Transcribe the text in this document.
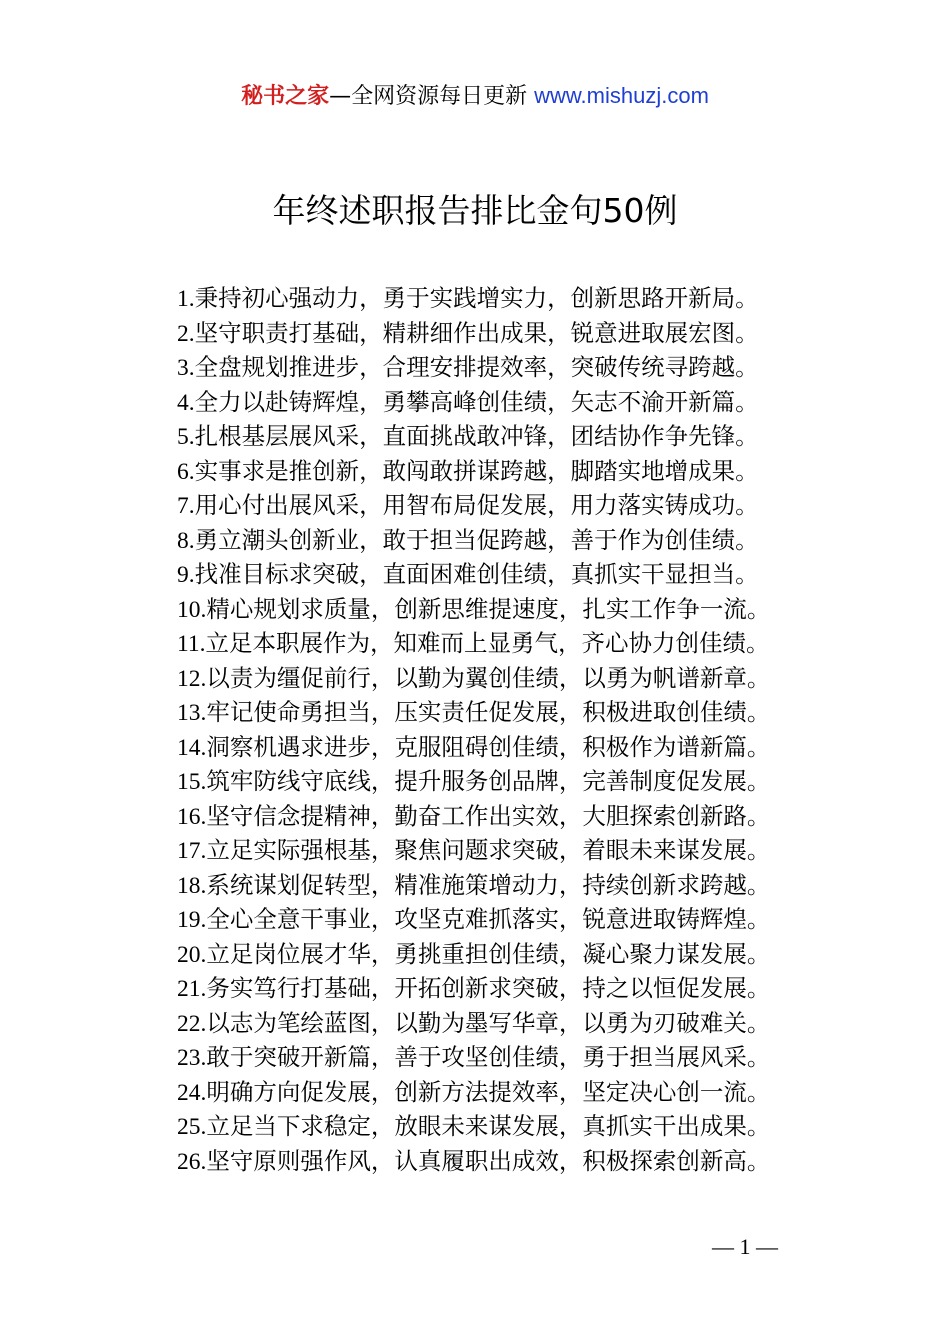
秘书之家—全网资源每日更新 www.mishuzj.com
年终述职报告排比金句50例
1.秉持初心强动力，勇于实践增实力，创新思路开新局。
2.坚守职责打基础，精耕细作出成果，锐意进取展宏图。
3.全盘规划推进步，合理安排提效率，突破传统寻跨越。
4.全力以赴铸辉煌，勇攀高峰创佳绩，矢志不渝开新篇。
5.扎根基层展风采，直面挑战敢冲锋，团结协作争先锋。
6.实事求是推创新，敢闯敢拼谋跨越，脚踏实地增成果。
7.用心付出展风采，用智布局促发展，用力落实铸成功。
8.勇立潮头创新业，敢于担当促跨越，善于作为创佳绩。
9.找准目标求突破，直面困难创佳绩，真抓实干显担当。
10.精心规划求质量，创新思维提速度，扎实工作争一流。
11.立足本职展作为，知难而上显勇气，齐心协力创佳绩。
12.以责为缰促前行，以勤为翼创佳绩，以勇为帆谱新章。
13.牢记使命勇担当，压实责任促发展，积极进取创佳绩。
14.洞察机遇求进步，克服阻碍创佳绩，积极作为谱新篇。
15.筑牢防线守底线，提升服务创品牌，完善制度促发展。
16.坚守信念提精神，勤奋工作出实效，大胆探索创新路。
17.立足实际强根基，聚焦问题求突破，着眼未来谋发展。
18.系统谋划促转型，精准施策增动力，持续创新求跨越。
19.全心全意干事业，攻坚克难抓落实，锐意进取铸辉煌。
20.立足岗位展才华，勇挑重担创佳绩，凝心聚力谋发展。
21.务实笃行打基础，开拓创新求突破，持之以恒促发展。
22.以志为笔绘蓝图，以勤为墨写华章，以勇为刃破难关。
23.敢于突破开新篇，善于攻坚创佳绩，勇于担当展风采。
24.明确方向促发展，创新方法提效率，坚定决心创一流。
25.立足当下求稳定，放眼未来谋发展，真抓实干出成果。
26.坚守原则强作风，认真履职出成效，积极探索创新高。
— 1 —
